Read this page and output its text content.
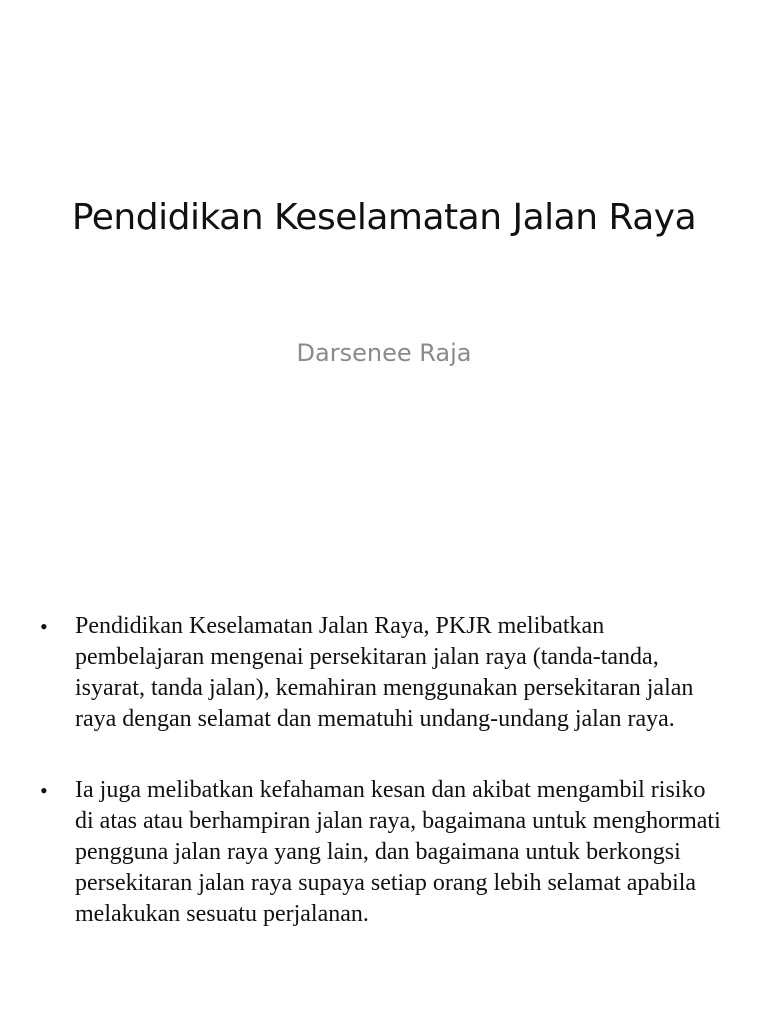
Pendidikan Keselamatan Jalan Raya

Darsenee Raja

• Pendidikan Keselamatan Jalan Raya, PKJR melibatkan pembelajaran mengenai persekitaran jalan raya (tanda-tanda, isyarat, tanda jalan), kemahiran menggunakan persekitaran jalan raya dengan selamat dan mematuhi undang-undang jalan raya.
• Ia juga melibatkan kefahaman kesan dan akibat mengambil risiko di atas atau berhampiran jalan raya, bagaimana untuk menghormati pengguna jalan raya yang lain, dan bagaimana untuk berkongsi persekitaran jalan raya supaya setiap orang lebih selamat apabila melakukan sesuatu perjalanan.
